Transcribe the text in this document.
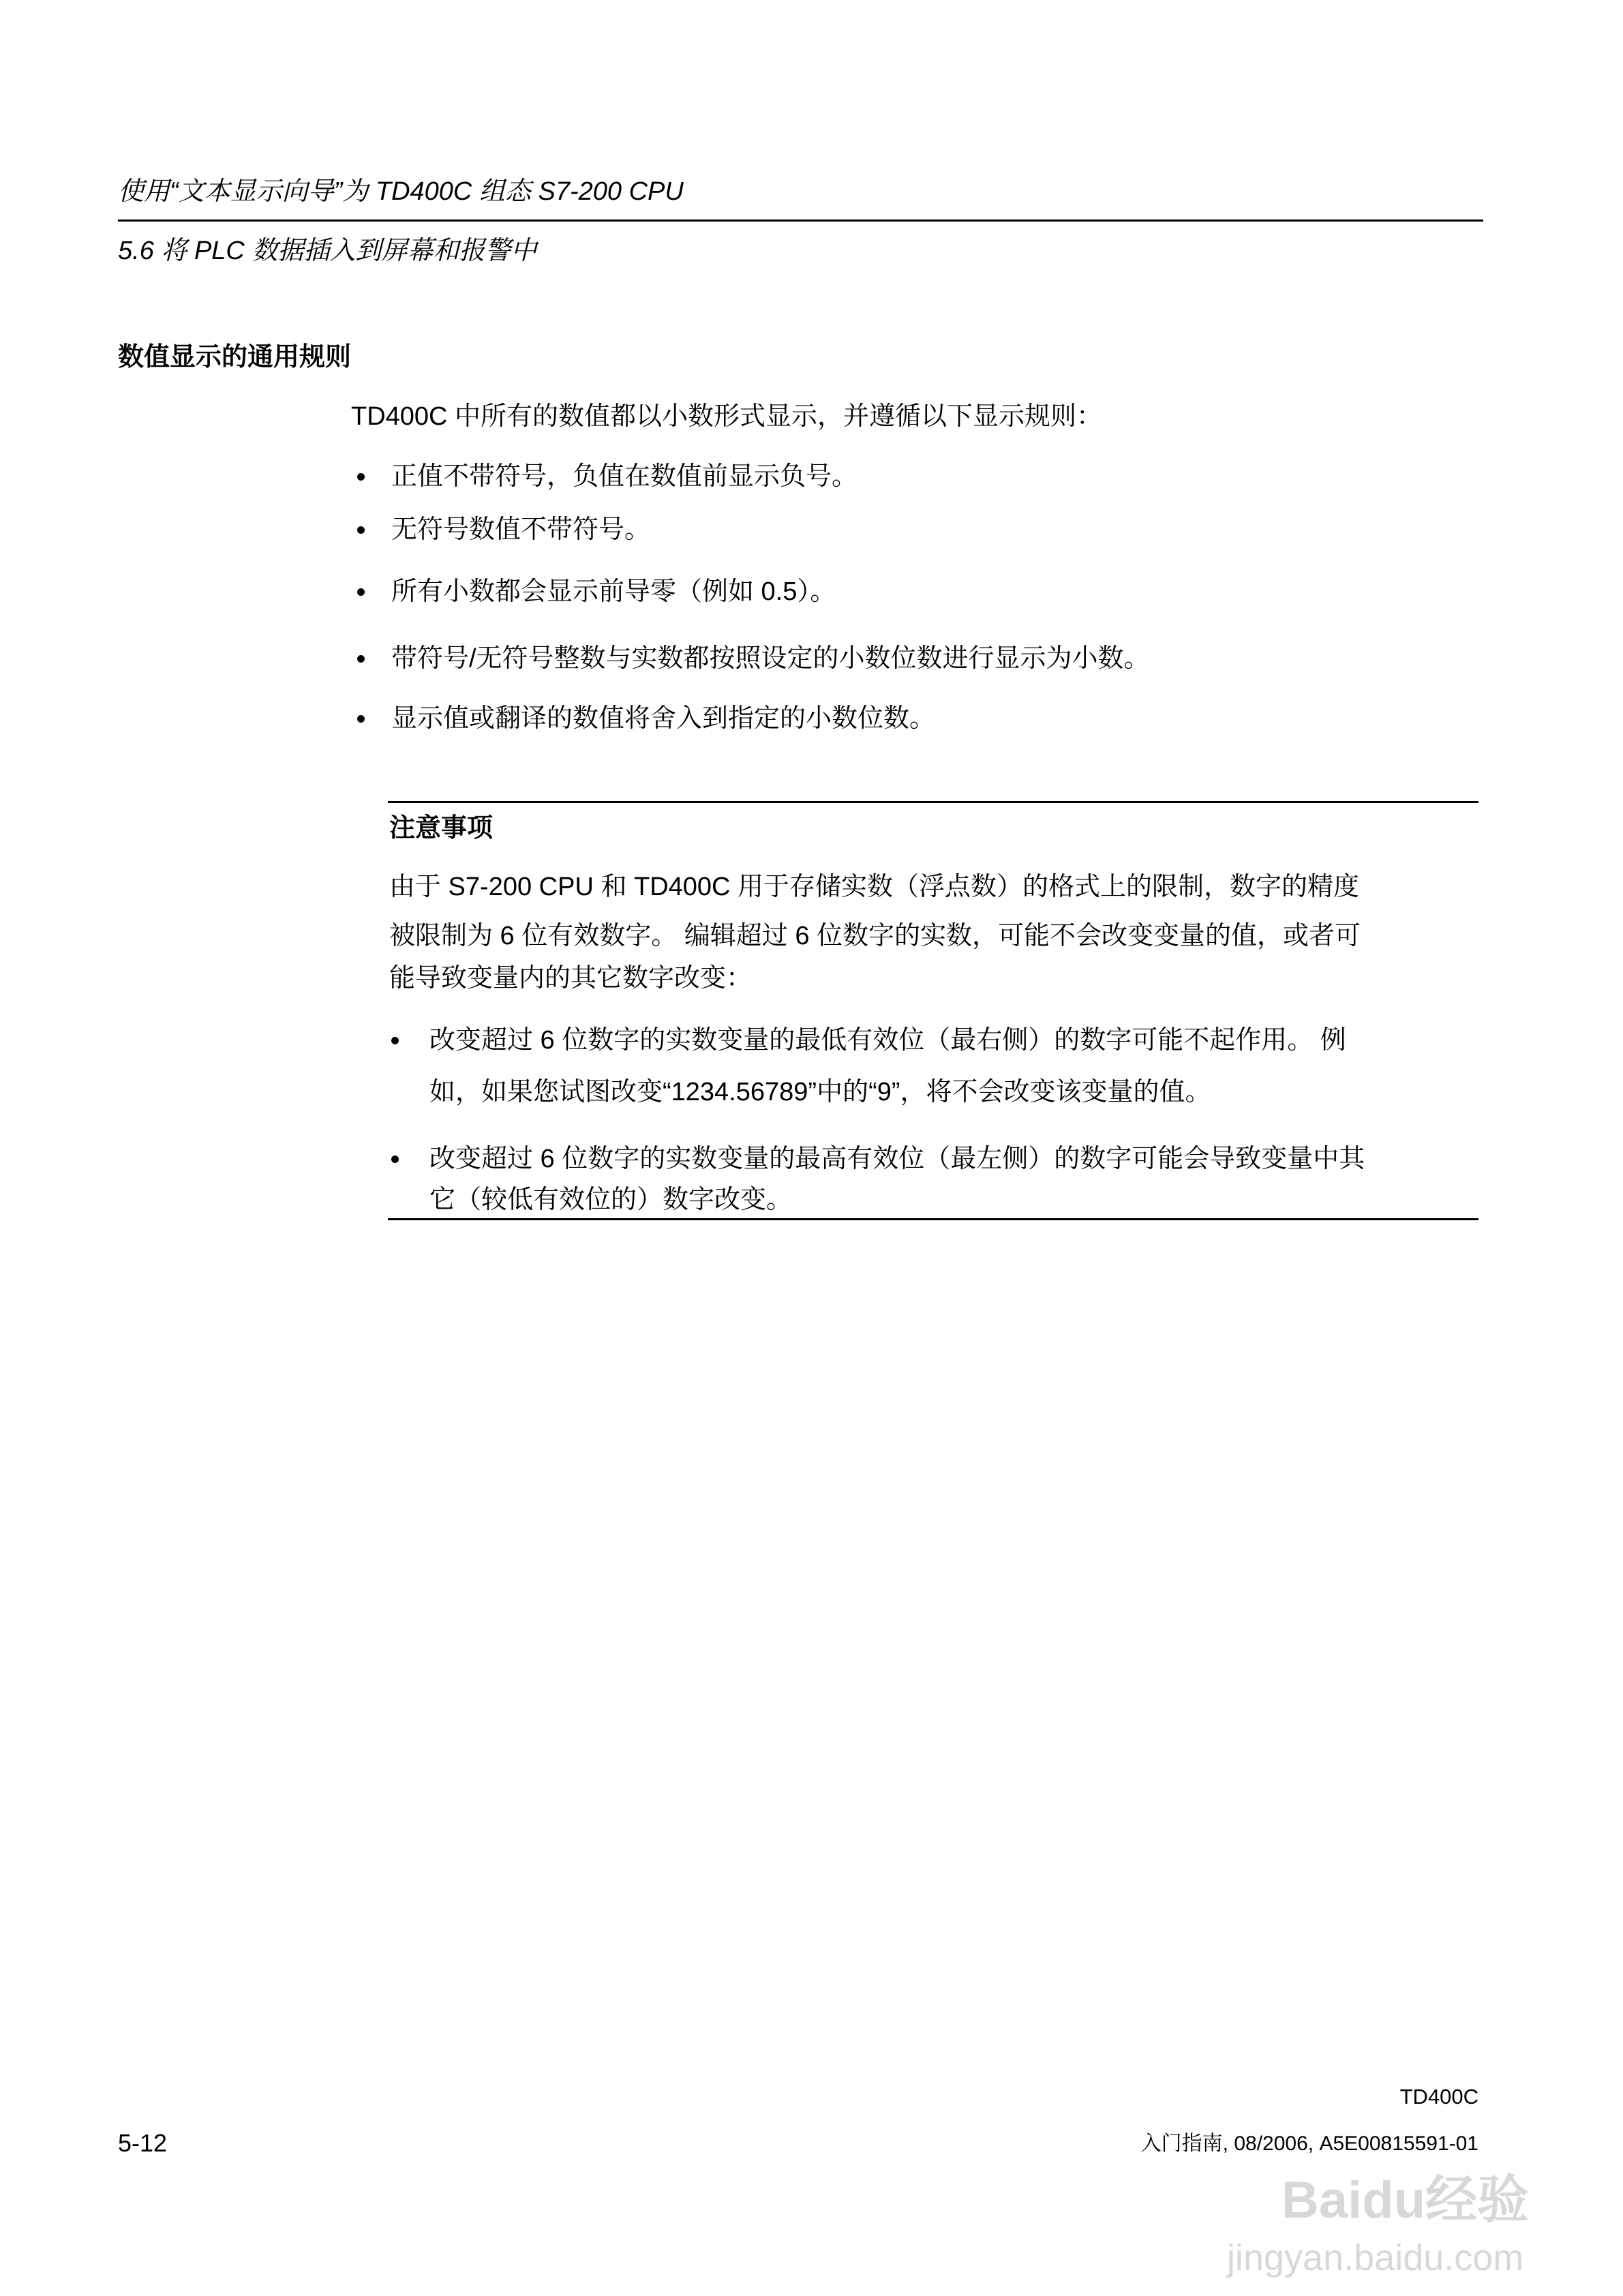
使用“文本显示向导”为 TD400C 组态 S7-200 CPU
5.6 将 PLC 数据插入到屏幕和报警中
数值显示的通用规则
TD400C 中所有的数值都以小数形式显示，并遵循以下显示规则：
正值不带符号，负值在数值前显示负号。
无符号数值不带符号。
所有小数都会显示前导零（例如 0.5）。
带符号/无符号整数与实数都按照设定的小数位数进行显示为小数。
显示值或翻译的数值将舍入到指定的小数位数。
注意事项
由于 S7-200 CPU 和 TD400C 用于存储实数（浮点数）的格式上的限制，数字的精度
被限制为 6 位有效数字。 编辑超过 6 位数字的实数，可能不会改变变量的值，或者可
能导致变量内的其它数字改变：
改变超过 6 位数字的实数变量的最低有效位（最右侧）的数字可能不起作用。 例
如，如果您试图改变“1234.56789”中的“9”，将不会改变该变量的值。
改变超过 6 位数字的实数变量的最高有效位（最左侧）的数字可能会导致变量中其
它（较低有效位的）数字改变。
Baidu经验
jingyan.baidu.com
TD400C
5-12	入门指南, 08/2006, A5E00815591-01
